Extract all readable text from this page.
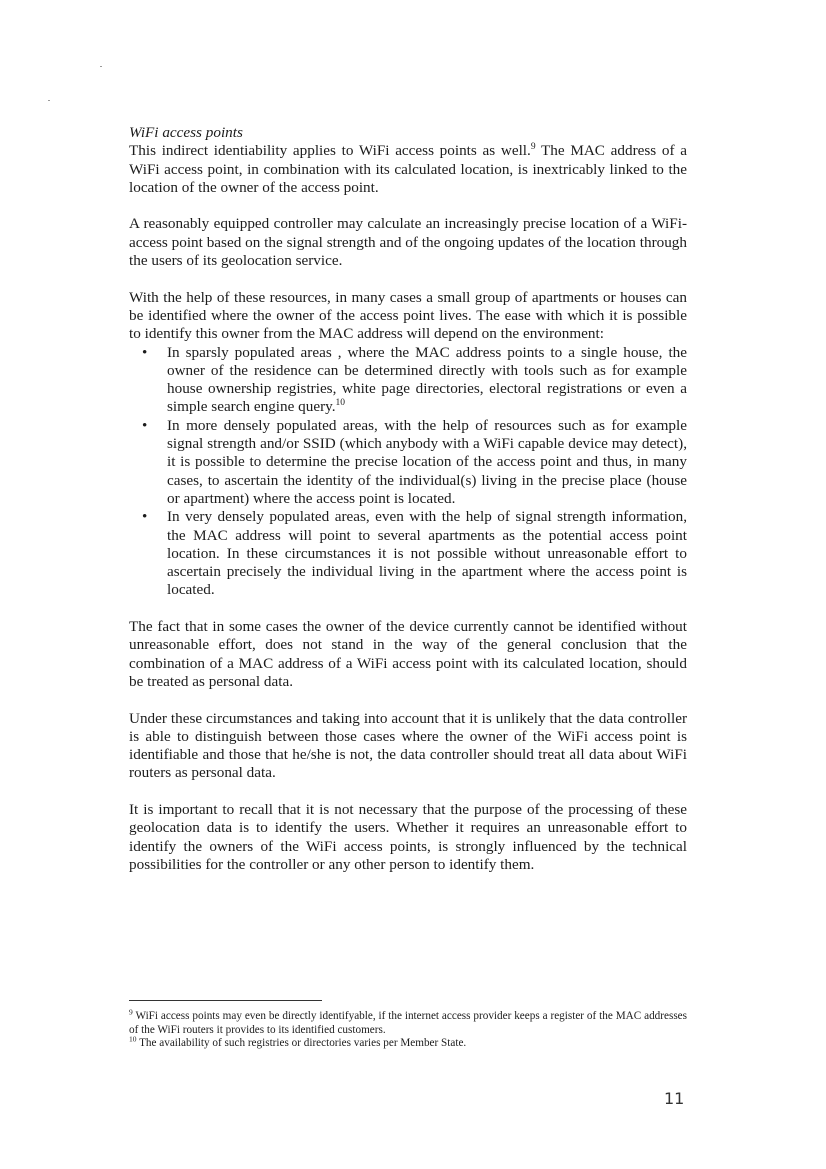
WiFi access points

This indirect identiability applies to WiFi access points as well.$^9$ The MAC address of a WiFi access point, in combination with its calculated location, is inextricably linked to the location of the owner of the access point.

A reasonably equipped controller may calculate an increasingly precise location of a WiFi-access point based on the signal strength and of the ongoing updates of the location through the users of its geolocation service.

With the help of these resources, in many cases a small group of apartments or houses can be identified where the owner of the access point lives. The ease with which it is possible to identify this owner from the MAC address will depend on the environment:

• In sparsly populated areas , where the MAC address points to a single house, the owner of the residence can be determined directly with tools such as for example house ownership registries, white page directories, electoral registrations or even a simple search engine query.$^{10}$
• In more densely populated areas, with the help of resources such as for example signal strength and/or SSID (which anybody with a WiFi capable device may detect), it is possible to determine the precise location of the access point and thus, in many cases, to ascertain the identity of the individual(s) living in the precise place (house or apartment) where the access point is located.
• In very densely populated areas, even with the help of signal strength information, the MAC address will point to several apartments as the potential access point location. In these circumstances it is not possible without unreasonable effort to ascertain precisely the individual living in the apartment where the access point is located.

The fact that in some cases the owner of the device currently cannot be identified without unreasonable effort, does not stand in the way of the general conclusion that the combination of a MAC address of a WiFi access point with its calculated location, should be treated as personal data.

Under these circumstances and taking into account that it is unlikely that the data controller is able to distinguish between those cases where the owner of the WiFi access point is identifiable and those that he/she is not, the data controller should treat all data about WiFi routers as personal data.

It is important to recall that it is not necessary that the purpose of the processing of these geolocation data is to identify the users. Whether it requires an unreasonable effort to identify the owners of the WiFi access points, is strongly influenced by the technical possibilities for the controller or any other person to identify them.

$^9$ WiFi access points may even be directly identifyable, if the internet access provider keeps a register of the MAC addresses of the WiFi routers it provides to its identified customers.

$^{10}$ The availability of such registries or directories varies per Member State.

11
